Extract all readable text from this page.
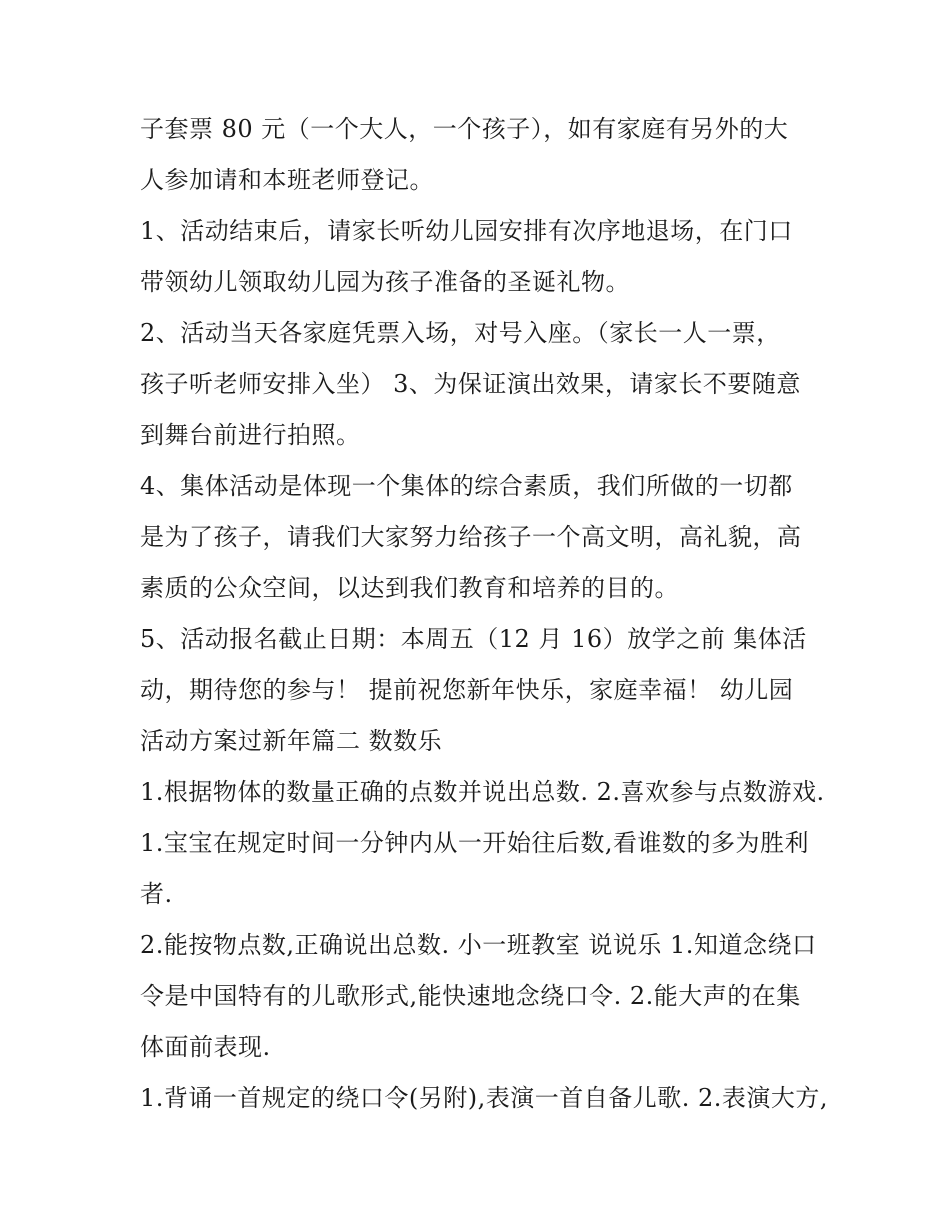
子套票 80 元（一个大人，一个孩子），如有家庭有另外的大
人参加请和本班老师登记。
1、活动结束后，请家长听幼儿园安排有次序地退场，在门口
带领幼儿领取幼儿园为孩子准备的圣诞礼物。
2、活动当天各家庭凭票入场，对号入座。（家长一人一票，
孩子听老师安排入坐） 3、为保证演出效果，请家长不要随意
到舞台前进行拍照。
4、集体活动是体现一个集体的综合素质，我们所做的一切都
是为了孩子，请我们大家努力给孩子一个高文明，高礼貌，高
素质的公众空间，以达到我们教育和培养的目的。
5、活动报名截止日期：本周五（12 月 16）放学之前 集体活
动，期待您的参与！ 提前祝您新年快乐，家庭幸福！ 幼儿园
活动方案过新年篇二 数数乐
1.根据物体的数量正确的点数并说出总数. 2.喜欢参与点数游戏.
1.宝宝在规定时间一分钟内从一开始往后数,看谁数的多为胜利
者.
2.能按物点数,正确说出总数. 小一班教室 说说乐 1.知道念绕口
令是中国特有的儿歌形式,能快速地念绕口令. 2.能大声的在集
体面前表现.
1.背诵一首规定的绕口令(另附),表演一首自备儿歌. 2.表演大方,
